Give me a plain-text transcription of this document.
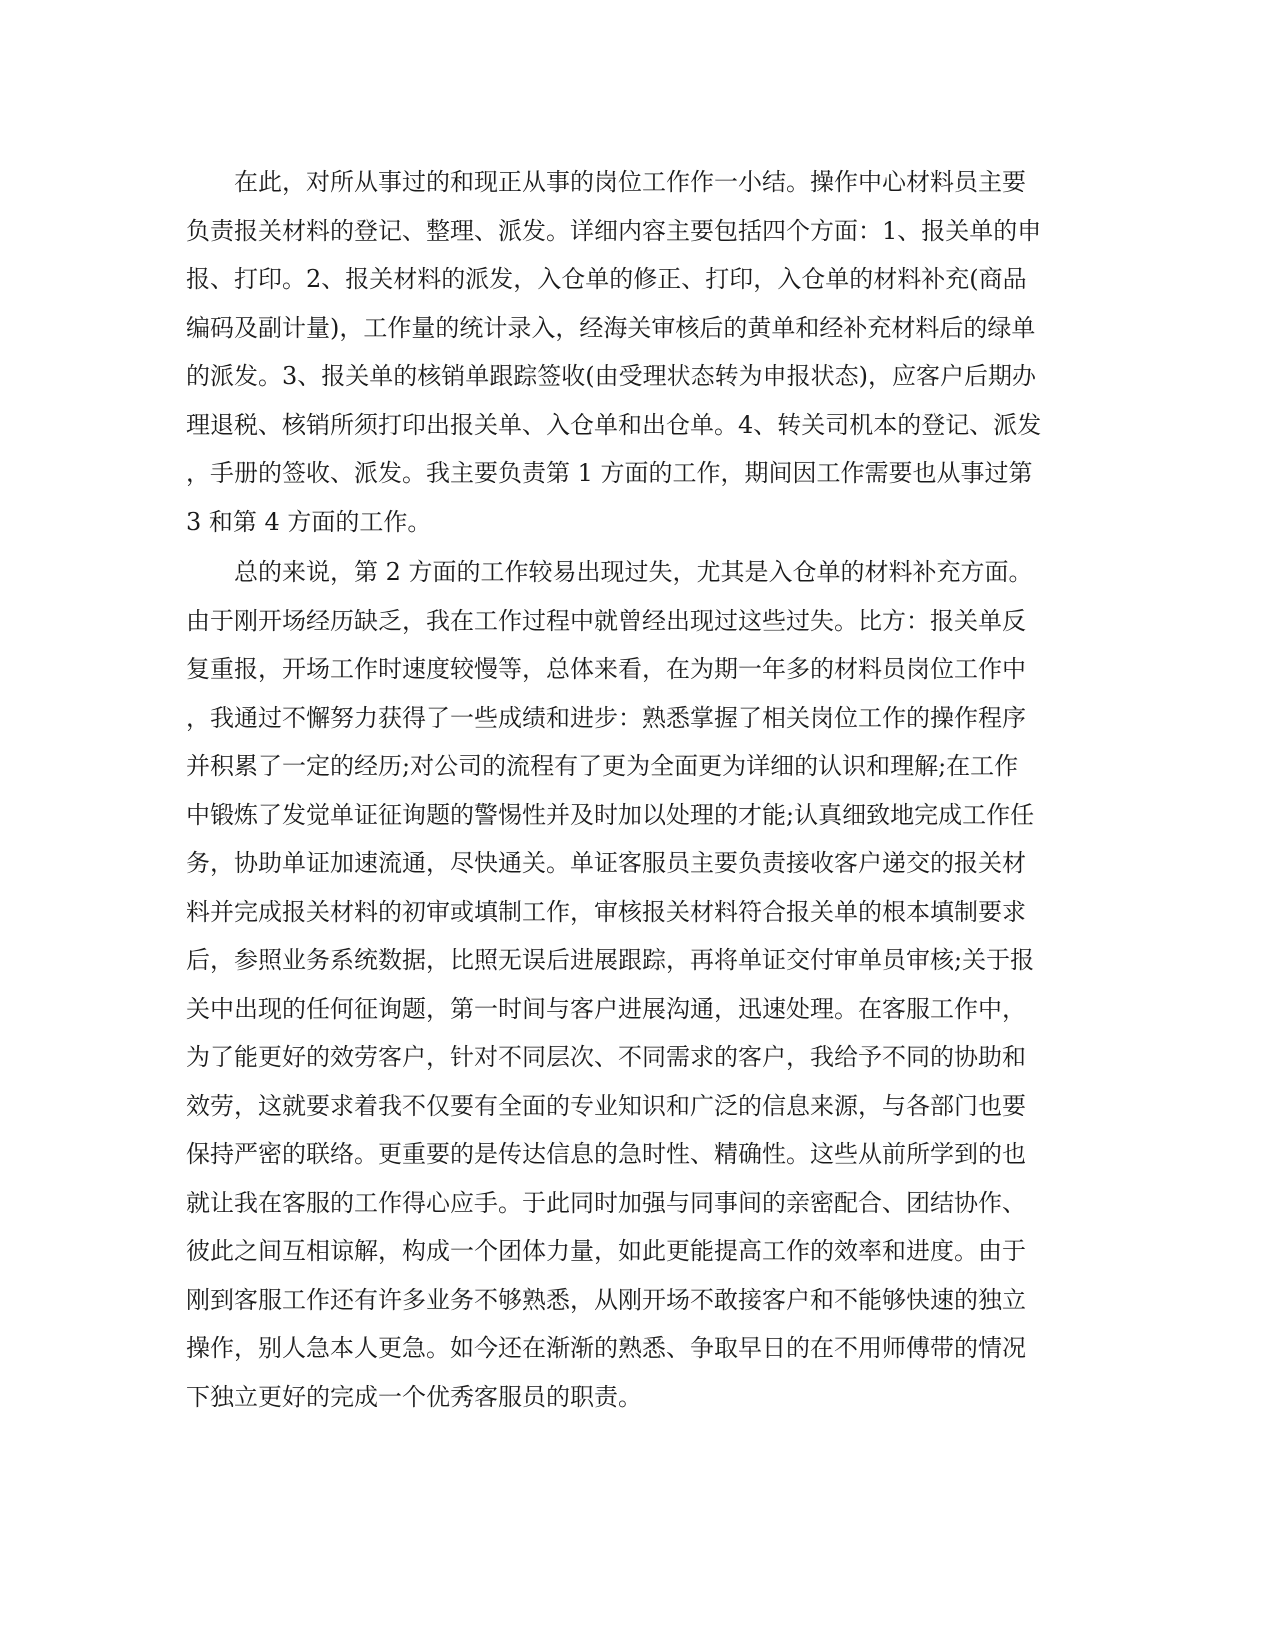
在此，对所从事过的和现正从事的岗位工作作一小结。操作中心材料员主要
负责报关材料的登记、整理、派发。详细内容主要包括四个方面：1、报关单的申
报、打印。2、报关材料的派发，入仓单的修正、打印，入仓单的材料补充(商品
编码及副计量)，工作量的统计录入，经海关审核后的黄单和经补充材料后的绿单
的派发。3、报关单的核销单跟踪签收(由受理状态转为申报状态)，应客户后期办
理退税、核销所须打印出报关单、入仓单和出仓单。4、转关司机本的登记、派发
，手册的签收、派发。我主要负责第 1 方面的工作，期间因工作需要也从事过第
3 和第 4 方面的工作。
总的来说，第 2 方面的工作较易出现过失，尤其是入仓单的材料补充方面。
由于刚开场经历缺乏，我在工作过程中就曾经出现过这些过失。比方：报关单反
复重报，开场工作时速度较慢等，总体来看，在为期一年多的材料员岗位工作中
，我通过不懈努力获得了一些成绩和进步：熟悉掌握了相关岗位工作的操作程序
并积累了一定的经历;对公司的流程有了更为全面更为详细的认识和理解;在工作
中锻炼了发觉单证征询题的警惕性并及时加以处理的才能;认真细致地完成工作任
务，协助单证加速流通，尽快通关。单证客服员主要负责接收客户递交的报关材
料并完成报关材料的初审或填制工作，审核报关材料符合报关单的根本填制要求
后，参照业务系统数据，比照无误后进展跟踪，再将单证交付审单员审核;关于报
关中出现的任何征询题，第一时间与客户进展沟通，迅速处理。在客服工作中，
为了能更好的效劳客户，针对不同层次、不同需求的客户，我给予不同的协助和
效劳，这就要求着我不仅要有全面的专业知识和广泛的信息来源，与各部门也要
保持严密的联络。更重要的是传达信息的急时性、精确性。这些从前所学到的也
就让我在客服的工作得心应手。于此同时加强与同事间的亲密配合、团结协作、
彼此之间互相谅解，构成一个团体力量，如此更能提高工作的效率和进度。由于
刚到客服工作还有许多业务不够熟悉，从刚开场不敢接客户和不能够快速的独立
操作，别人急本人更急。如今还在渐渐的熟悉、争取早日的在不用师傅带的情况
下独立更好的完成一个优秀客服员的职责。
